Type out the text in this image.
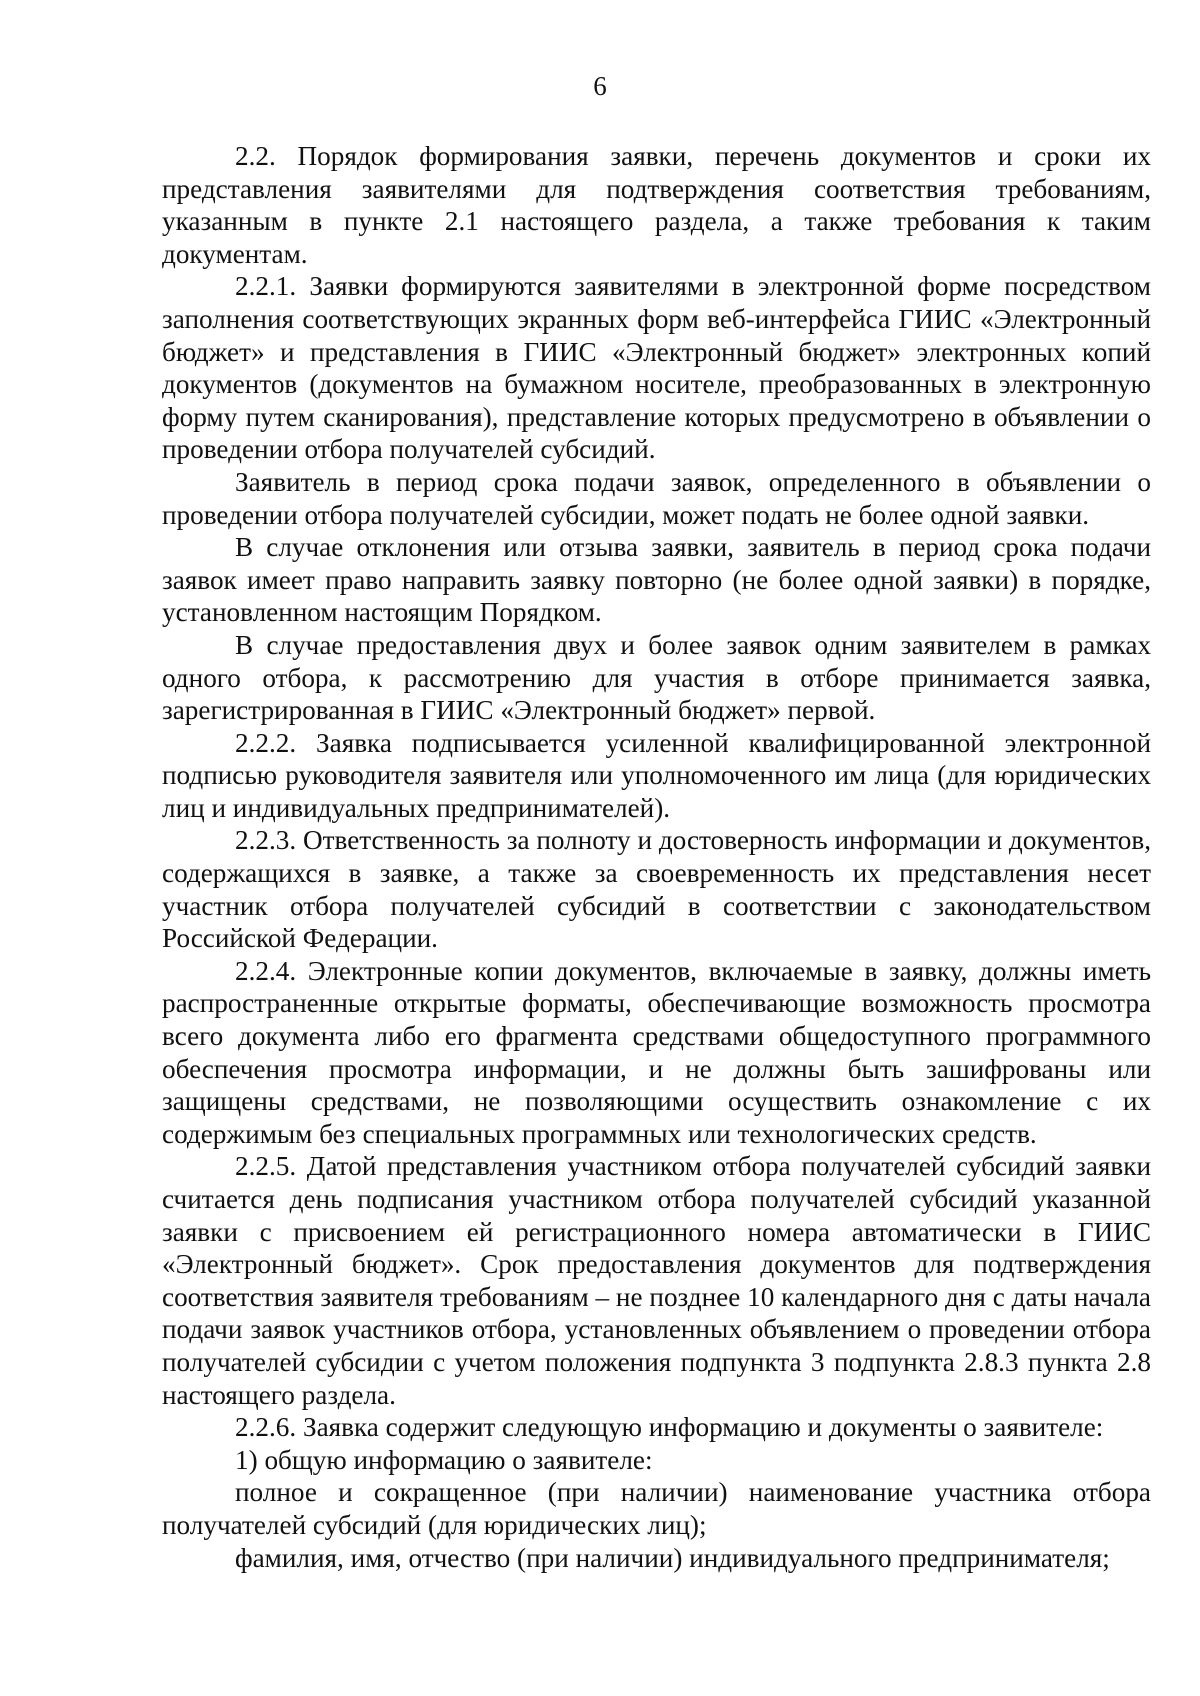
6

2.2. Порядок формирования заявки, перечень документов и сроки их представления заявителями для подтверждения соответствия требованиям, указанным в пункте 2.1 настоящего раздела, а также требования к таким документам.

2.2.1. Заявки формируются заявителями в электронной форме посредством заполнения соответствующих экранных форм веб-интерфейса ГИИС «Электронный бюджет» и представления в ГИИС «Электронный бюджет» электронных копий документов (документов на бумажном носителе, преобразованных в электронную форму путем сканирования), представление которых предусмотрено в объявлении о проведении отбора получателей субсидий.

Заявитель в период срока подачи заявок, определенного в объявлении о проведении отбора получателей субсидии, может подать не более одной заявки.

В случае отклонения или отзыва заявки, заявитель в период срока подачи заявок имеет право направить заявку повторно (не более одной заявки) в порядке, установленном настоящим Порядком.

В случае предоставления двух и более заявок одним заявителем в рамках одного отбора, к рассмотрению для участия в отборе принимается заявка, зарегистрированная в ГИИС «Электронный бюджет» первой.

2.2.2. Заявка подписывается усиленной квалифицированной электронной подписью руководителя заявителя или уполномоченного им лица (для юридических лиц и индивидуальных предпринимателей).

2.2.3. Ответственность за полноту и достоверность информации и документов, содержащихся в заявке, а также за своевременность их представления несет участник отбора получателей субсидий в соответствии с законодательством Российской Федерации.

2.2.4. Электронные копии документов, включаемые в заявку, должны иметь распространенные открытые форматы, обеспечивающие возможность просмотра всего документа либо его фрагмента средствами общедоступного программного обеспечения просмотра информации, и не должны быть зашифрованы или защищены средствами, не позволяющими осуществить ознакомление с их содержимым без специальных программных или технологических средств.

2.2.5. Датой представления участником отбора получателей субсидий заявки считается день подписания участником отбора получателей субсидий указанной заявки с присвоением ей регистрационного номера автоматически в ГИИС «Электронный бюджет». Срок предоставления документов для подтверждения соответствия заявителя требованиям – не позднее 10 календарного дня с даты начала подачи заявок участников отбора, установленных объявлением о проведении отбора получателей субсидии с учетом положения подпункта 3 подпункта 2.8.3 пункта 2.8 настоящего раздела.

2.2.6. Заявка содержит следующую информацию и документы о заявителе:

1) общую информацию о заявителе:

полное и сокращенное (при наличии) наименование участника отбора получателей субсидий (для юридических лиц);

фамилия, имя, отчество (при наличии) индивидуального предпринимателя;
